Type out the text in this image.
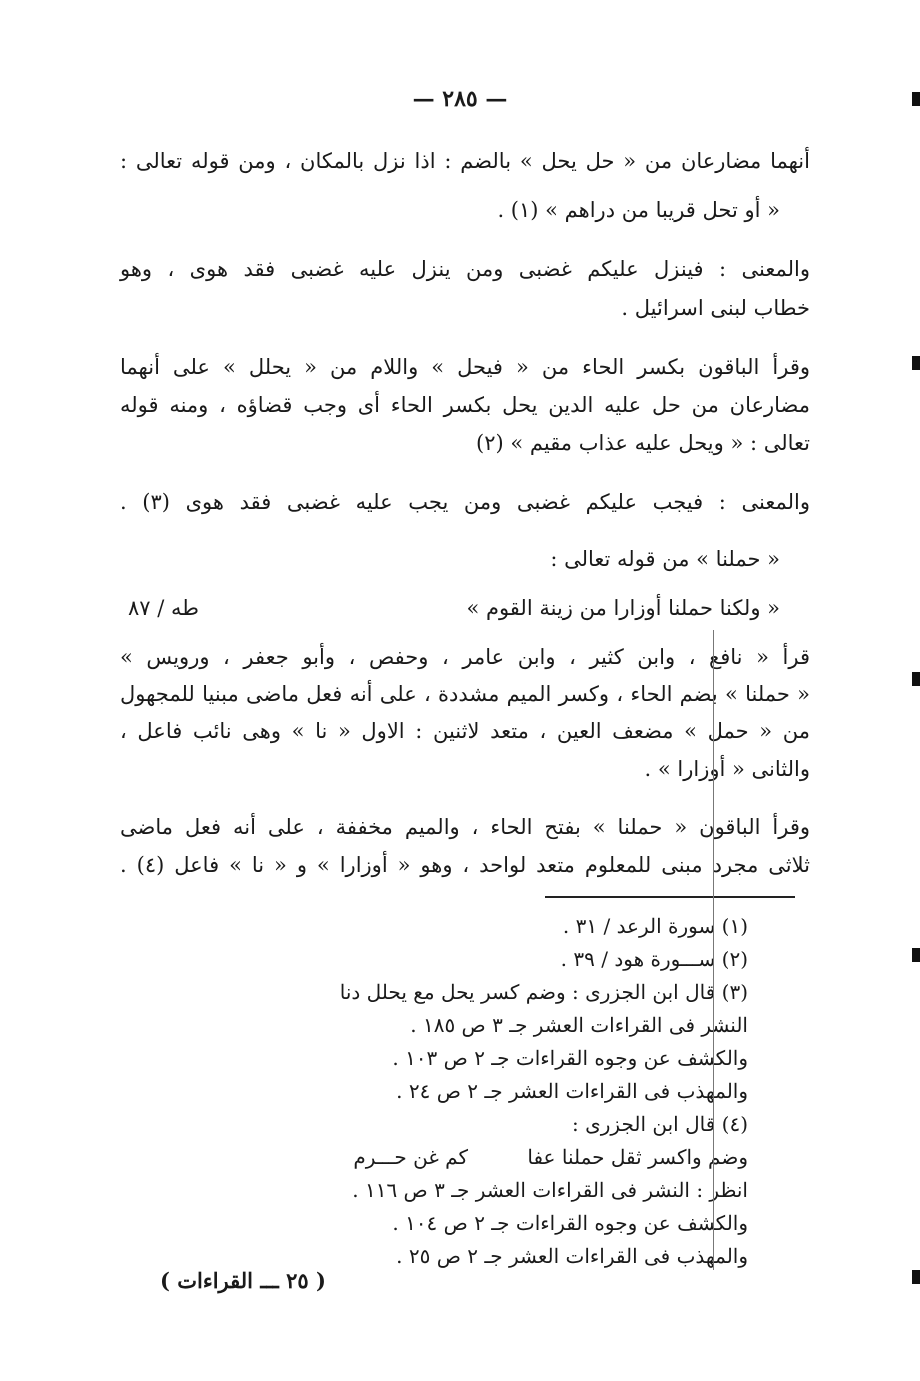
— ٢٨٥ —
أنهما مضارعان من « حل يحل » بالضم : اذا نزل بالمكان ، ومن قوله تعالى :
« أو تحل قريبا من دراهم » (١) .
والمعنى : فينزل عليكم غضبى ومن ينزل عليه غضبى فقد هوى ، وهو
خطاب لبنى اسرائيل .
وقرأ الباقون بكسر الحاء من « فيحل » واللام من « يحلل » على أنهما
مضارعان من حل عليه الدين يحل بكسر الحاء أى وجب قضاؤه ، ومنه قوله
تعالى : « ويحل عليه عذاب مقيم » (٢)
والمعنى : فيجب عليكم غضبى ومن يجب عليه غضبى فقد هوى (٣) .
« حملنا » من قوله تعالى :
« ولكنا حملنا أوزارا من زينة القوم »
طه / ٨٧
قرأ « نافع ، وابن كثير ، وابن عامر ، وحفص ، وأبو جعفر ، ورويس »
« حملنا » بضم الحاء ، وكسر الميم مشددة ، على أنه فعل ماضى مبنيا للمجهول
من « حمل » مضعف العين ، متعد لاثنين : الاول « نا » وهى نائب فاعل ،
والثانى « أوزارا » .
وقرأ الباقون « حملنا » بفتح الحاء ، والميم مخففة ، على أنه فعل ماضى
ثلاثى مجرد مبنى للمعلوم متعد لواحد ، وهو « أوزارا » و « نا » فاعل (٤) .
(١) سورة الرعد / ٣١ .
(٢) ســـورة هود / ٣٩ .
(٣) قال ابن الجزرى : وضم كسر يحل مع يحلل دنا
النشر فى القراءات العشر جـ ٣ ص ١٨٥ .
والكشف عن وجوه القراءات جـ ٢ ص ١٠٣ .
والمهذب فى القراءات العشر جـ ٢ ص ٢٤ .
(٤) قال ابن الجزرى :
وضم واكسر ثقل حملنا عفاكم غن حـــرم
انظر : النشر فى القراءات العشر جـ ٣ ص ١١٦ .
والكشف عن وجوه القراءات جـ ٢ ص ١٠٤ .
والمهذب فى القراءات العشر جـ ٢ ص ٢٥ .
( ٢٥ ـــ القراءات )
